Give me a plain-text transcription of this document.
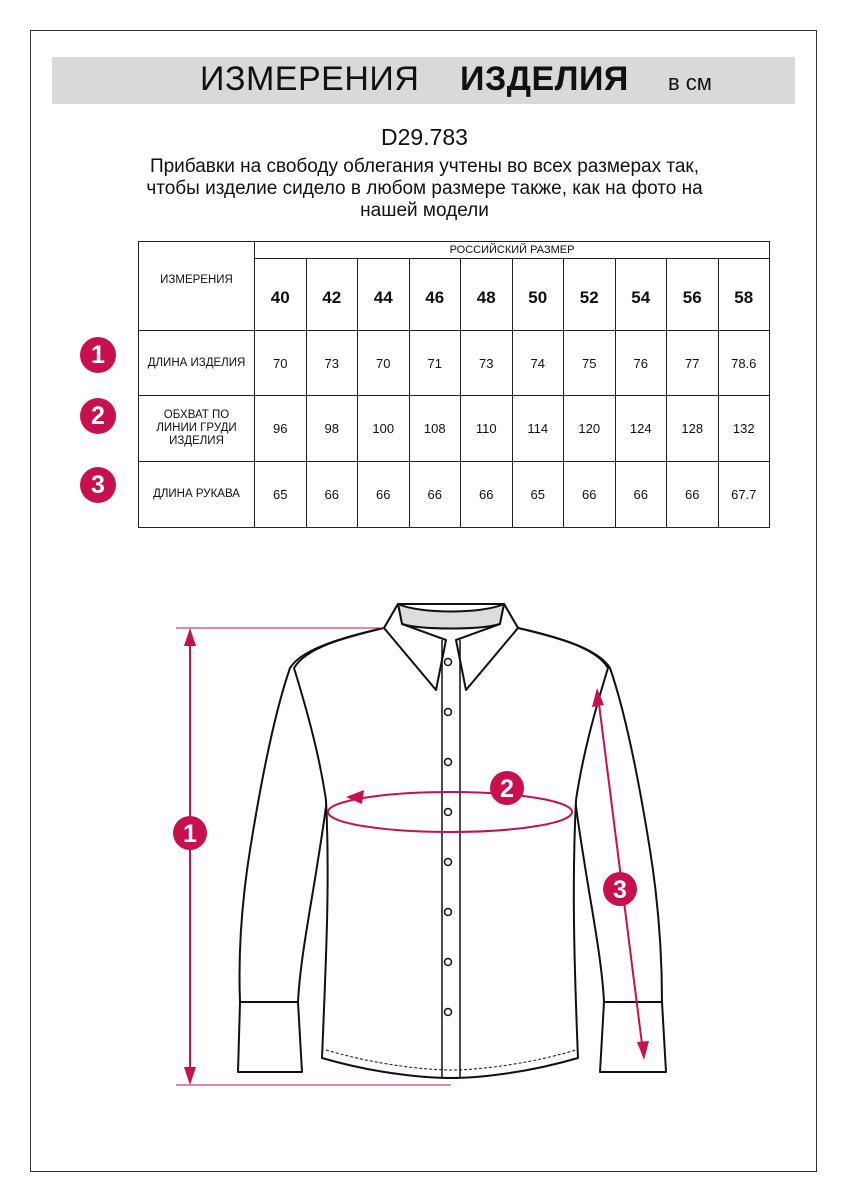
ИЗМЕРЕНИЯ ИЗДЕЛИЯ в см
D29.783
Прибавки на свободу облегания учтены во всех размерах так,
чтобы изделие сидело в любом размере также, как на фото на
нашей модели
ИЗМЕРЕНИЯ	РОССИЙСКИЙ РАЗМЕР									
	40	42	44	46	48	50	52	54	56	58
ДЛИНА ИЗДЕЛИЯ	70	73	70	71	73	74	75	76	77	78.6
ОБХВАТ ПО ЛИНИИ ГРУДИ ИЗДЕЛИЯ	96	98	100	108	110	114	120	124	128	132
ДЛИНА РУКАВА	65	66	66	66	66	65	66	66	66	67.7
1
2
3
1
2
3
